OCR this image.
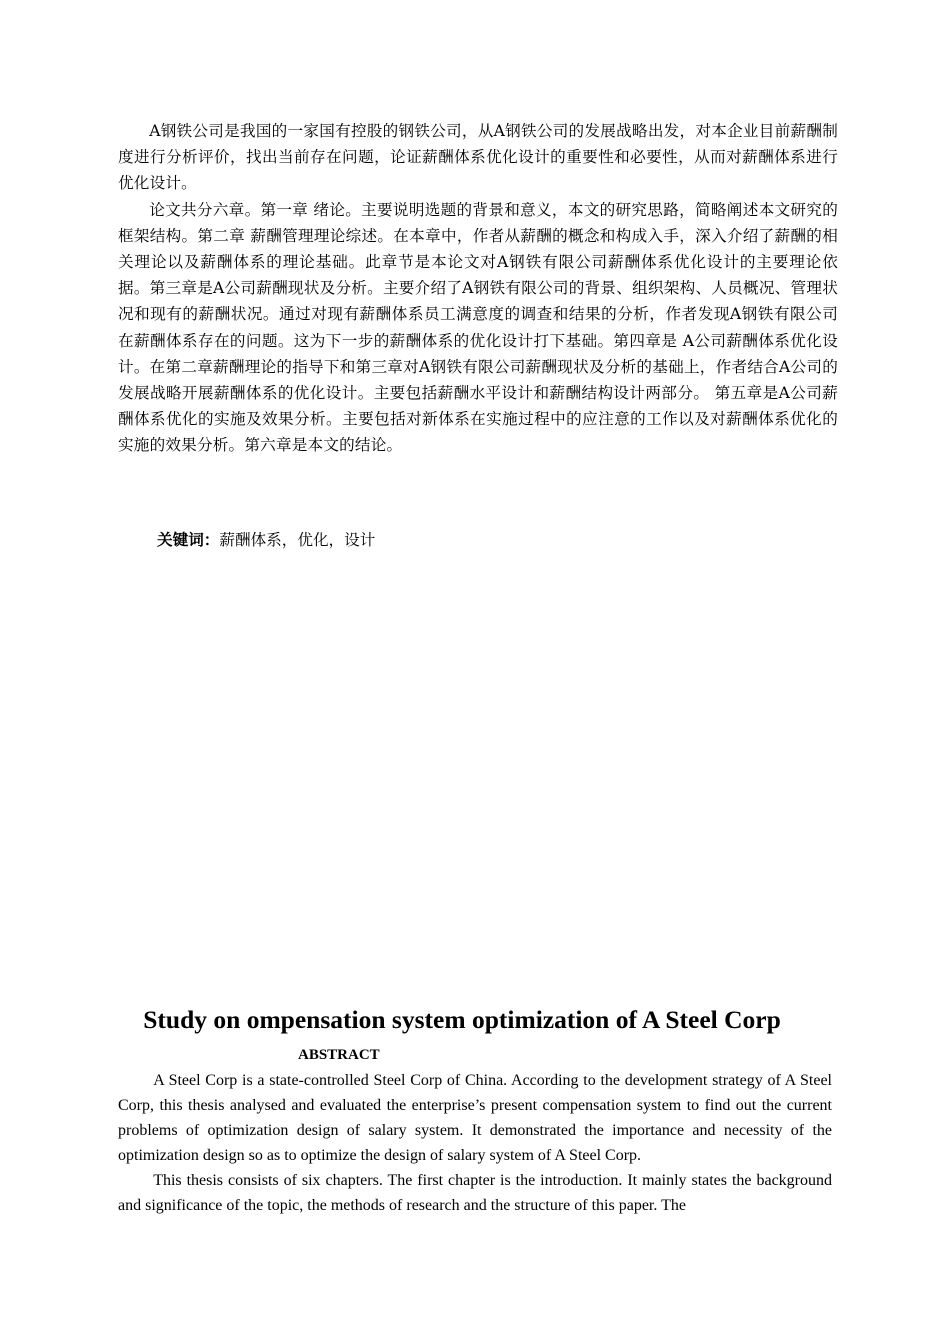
A钢铁公司是我国的一家国有控股的钢铁公司，从A钢铁公司的发展战略出发，对本企业目前薪酬制度进行分析评价，找出当前存在问题，论证薪酬体系优化设计的重要性和必要性，从而对薪酬体系进行优化设计。

论文共分六章。第一章 绪论。主要说明选题的背景和意义，本文的研究思路，简略阐述本文研究的框架结构。第二章 薪酬管理理论综述。在本章中，作者从薪酬的概念和构成入手，深入介绍了薪酬的相关理论以及薪酬体系的理论基础。此章节是本论文对A钢铁有限公司薪酬体系优化设计的主要理论依据。第三章是A公司薪酬现状及分析。主要介绍了A钢铁有限公司的背景、组织架构、人员概况、管理状况和现有的薪酬状况。通过对现有薪酬体系员工满意度的调查和结果的分析，作者发现A钢铁有限公司在薪酬体系存在的问题。这为下一步的薪酬体系的优化设计打下基础。第四章是 A公司薪酬体系优化设计。在第二章薪酬理论的指导下和第三章对A钢铁有限公司薪酬现状及分析的基础上，作者结合A公司的发展战略开展薪酬体系的优化设计。主要包括薪酬水平设计和薪酬结构设计两部分。 第五章是A公司薪酬体系优化的实施及效果分析。主要包括对新体系在实施过程中的应注意的工作以及对薪酬体系优化的实施的效果分析。第六章是本文的结论。

关键词：薪酬体系，优化，设计
Study on ompensation system optimization of A Steel Corp
ABSTRACT

A Steel Corp is a state-controlled Steel Corp of China. According to the development strategy of A Steel Corp, this thesis analysed and evaluated the enterprise’s present compensation system to find out the current problems of optimization design of salary system. It demonstrated the importance and necessity of the optimization design so as to optimize the design of salary system of A Steel Corp.

This thesis consists of six chapters. The first chapter is the introduction. It mainly states the background and significance of the topic, the methods of research and the structure of this paper. The
